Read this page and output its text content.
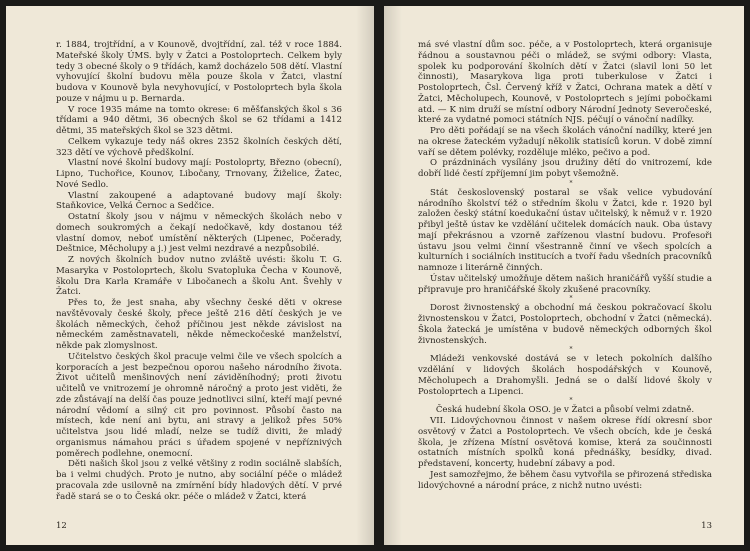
r. 1884, trojtřídní, a v Kounově, dvojtřídní, zal. též v roce 1884. Mateřské školy ÚMS. byly v Žatci a Postoloprtech. Celkem byly tedy 3 obecné školy o 9 třídách, kamž docházelo 508 dětí. Vlastní vyhovující školní budovu měla pouze škola v Žatci, vlastní budova v Kounově byla nevyhovující, v Postoloprtech byla škola pouze v nájmu u p. Bernarda.

V roce 1935 máme na tomto okrese: 6 měšťanských škol s 36 třídami a 940 dětmi, 36 obecných škol se 62 třídami a 1412 dětmi, 35 mateřských škol se 323 dětmi.

Celkem vykazuje tedy náš okres 2352 školních českých dětí, 323 dětí ve výchově předškolní.

Vlastní nové školní budovy mají: Postoloprty, Březno (obecní), Lipno, Tuchořice, Kounov, Libočany, Trnovany, Žiželice, Žatec, Nové Sedlo.

Vlastní zakoupené a adaptované budovy mají školy: Staňkovice, Velká Černoc a Sedčice.

Ostatní školy jsou v nájmu v německých školách nebo v domech soukromých a čekají nedočkavě, kdy dostanou též vlastní domov, neboť umístění některých (Lipenec, Počerady, Deštnice, Měcholupy a j.) jest velmi nezdravé a nezpůsobilé.

Z nových školních budov nutno zvláště uvésti: školu T. G. Masaryka v Postoloprtech, školu Svatopluka Čecha v Kounově, školu Dra Karla Kramáře v Libočanech a školu Ant. Švehly v Žatci.

Přes to, že jest snaha, aby všechny české děti v okrese navštěvovaly české školy, přece ještě 216 dětí českých je ve školách německých, čehož příčinou jest někde závislost na německém zaměstnavateli, někde německočeské manželství, někde pak zlomyslnost.

Učitelstvo českých škol pracuje velmi čile ve všech spolcích a korporacích a jest bezpečnou oporou našeho národního života. Život učitelů menšinových není záviděníhodný; proti životu učitelů ve vnitrozemí je ohromně náročný a proto jest viděti, že zde zůstávají na delší čas pouze jednotlivci silní, kteří mají pevné národní vědomí a silný cit pro povinnost. Působí často na místech, kde není ani bytu, ani stravy a jelikož přes 50% učitelstva jsou lidé mladí, nelze se tudíž diviti, že mladý organismus námahou práci s úřadem spojené v nepříznivých poměrech podlehne, onemocní.

Děti našich škol jsou z velké většiny z rodin sociálně slabších, ba i velmi chudých. Proto je nutno, aby sociální péče o mládež pracovala zde usilovně na zmírnění bídy hladových dětí. V prvé řadě stará se o to Česká okr. péče o mládež v Žatci, která

12

má své vlastní dům soc. péče, a v Postoloprtech, která organisuje řádnou a soustavnou péči o mládež, se svými odbory: Vlasta, spolek ku podporování školních dětí v Žatci (slavil loni 50 let činnosti), Masarykova liga proti tuberkulose v Žatci i Postoloprtech, Čsl. Červený kříž v Žatci, Ochrana matek a dětí v Žatci, Měcholupech, Kounově, v Postoloprtech s jejími pobočkami atd. — K nim druží se místní odbory Národní Jednoty Severočeské, které za vydatné pomoci státních NJS. péčují o vánoční nadílky.

Pro děti pořádají se na všech školách vánoční nadílky, které jen na okrese žateckém vyžadují několik statisíců korun. V době zimní vaří se dětem polévky, rozděluje mléko, pečivo a pod.

O prázdninách vysílány jsou družiny dětí do vnitrozemí, kde dobří lidé čestí zpříjemní jim pobyt všemožně.

*

Stát československý postaral se však velice vybudování národního školství též o středním školu v Žatci, kde r. 1920 byl založen český státní koedukační ústav učitelský, k němuž v r. 1920 přibyl ještě ústav ke vzdělání učitelek domácích nauk. Oba ústavy mají překrásnou a vzorně zařízenou vlastní budovu. Profesoři ústavu jsou velmi činní všestranně činní ve všech spolcích a kulturních i sociálních institucích a tvoří řadu všedních pracovníků namnoze i literárně činných.

Ústav učitelský umožňuje dětem našich hraničářů vyšší studie a připravuje pro hraničářské školy zkušené pracovníky.

*

Dorost živnostenský a obchodní má českou pokračovací školu živnostenskou v Žatci, Postoloprtech, obchodní v Žatci (německá). Škola žatecká je umístěna v budově německých odborných škol živnostenských.

*

Mládeži venkovské dostává se v letech pokolních dalšího vzdělání v lidových školách hospodářských v Kounově, Měcholupech a Drahomyšli. Jedná se o další lidové školy v Postoloprtech a Lipenci.

*

Česká hudební škola OSO. je v Žatci a působí velmi zdatně.

VII. Lidovýchovnou činnost v našem okrese řídí okresní sbor osvětový v Žatci a Postoloprtech. Ve všech obcích, kde je česká škola, je zřízena Místní osvětová komise, která za součinnosti ostatních místních spolků koná přednášky, besídky, divad. představení, koncerty, hudební zábavy a pod.

Jest samozřejmo, že během času vytvořila se přirozená střediska lidovýchovné a národní práce, z nichž nutno uvésti:

13
